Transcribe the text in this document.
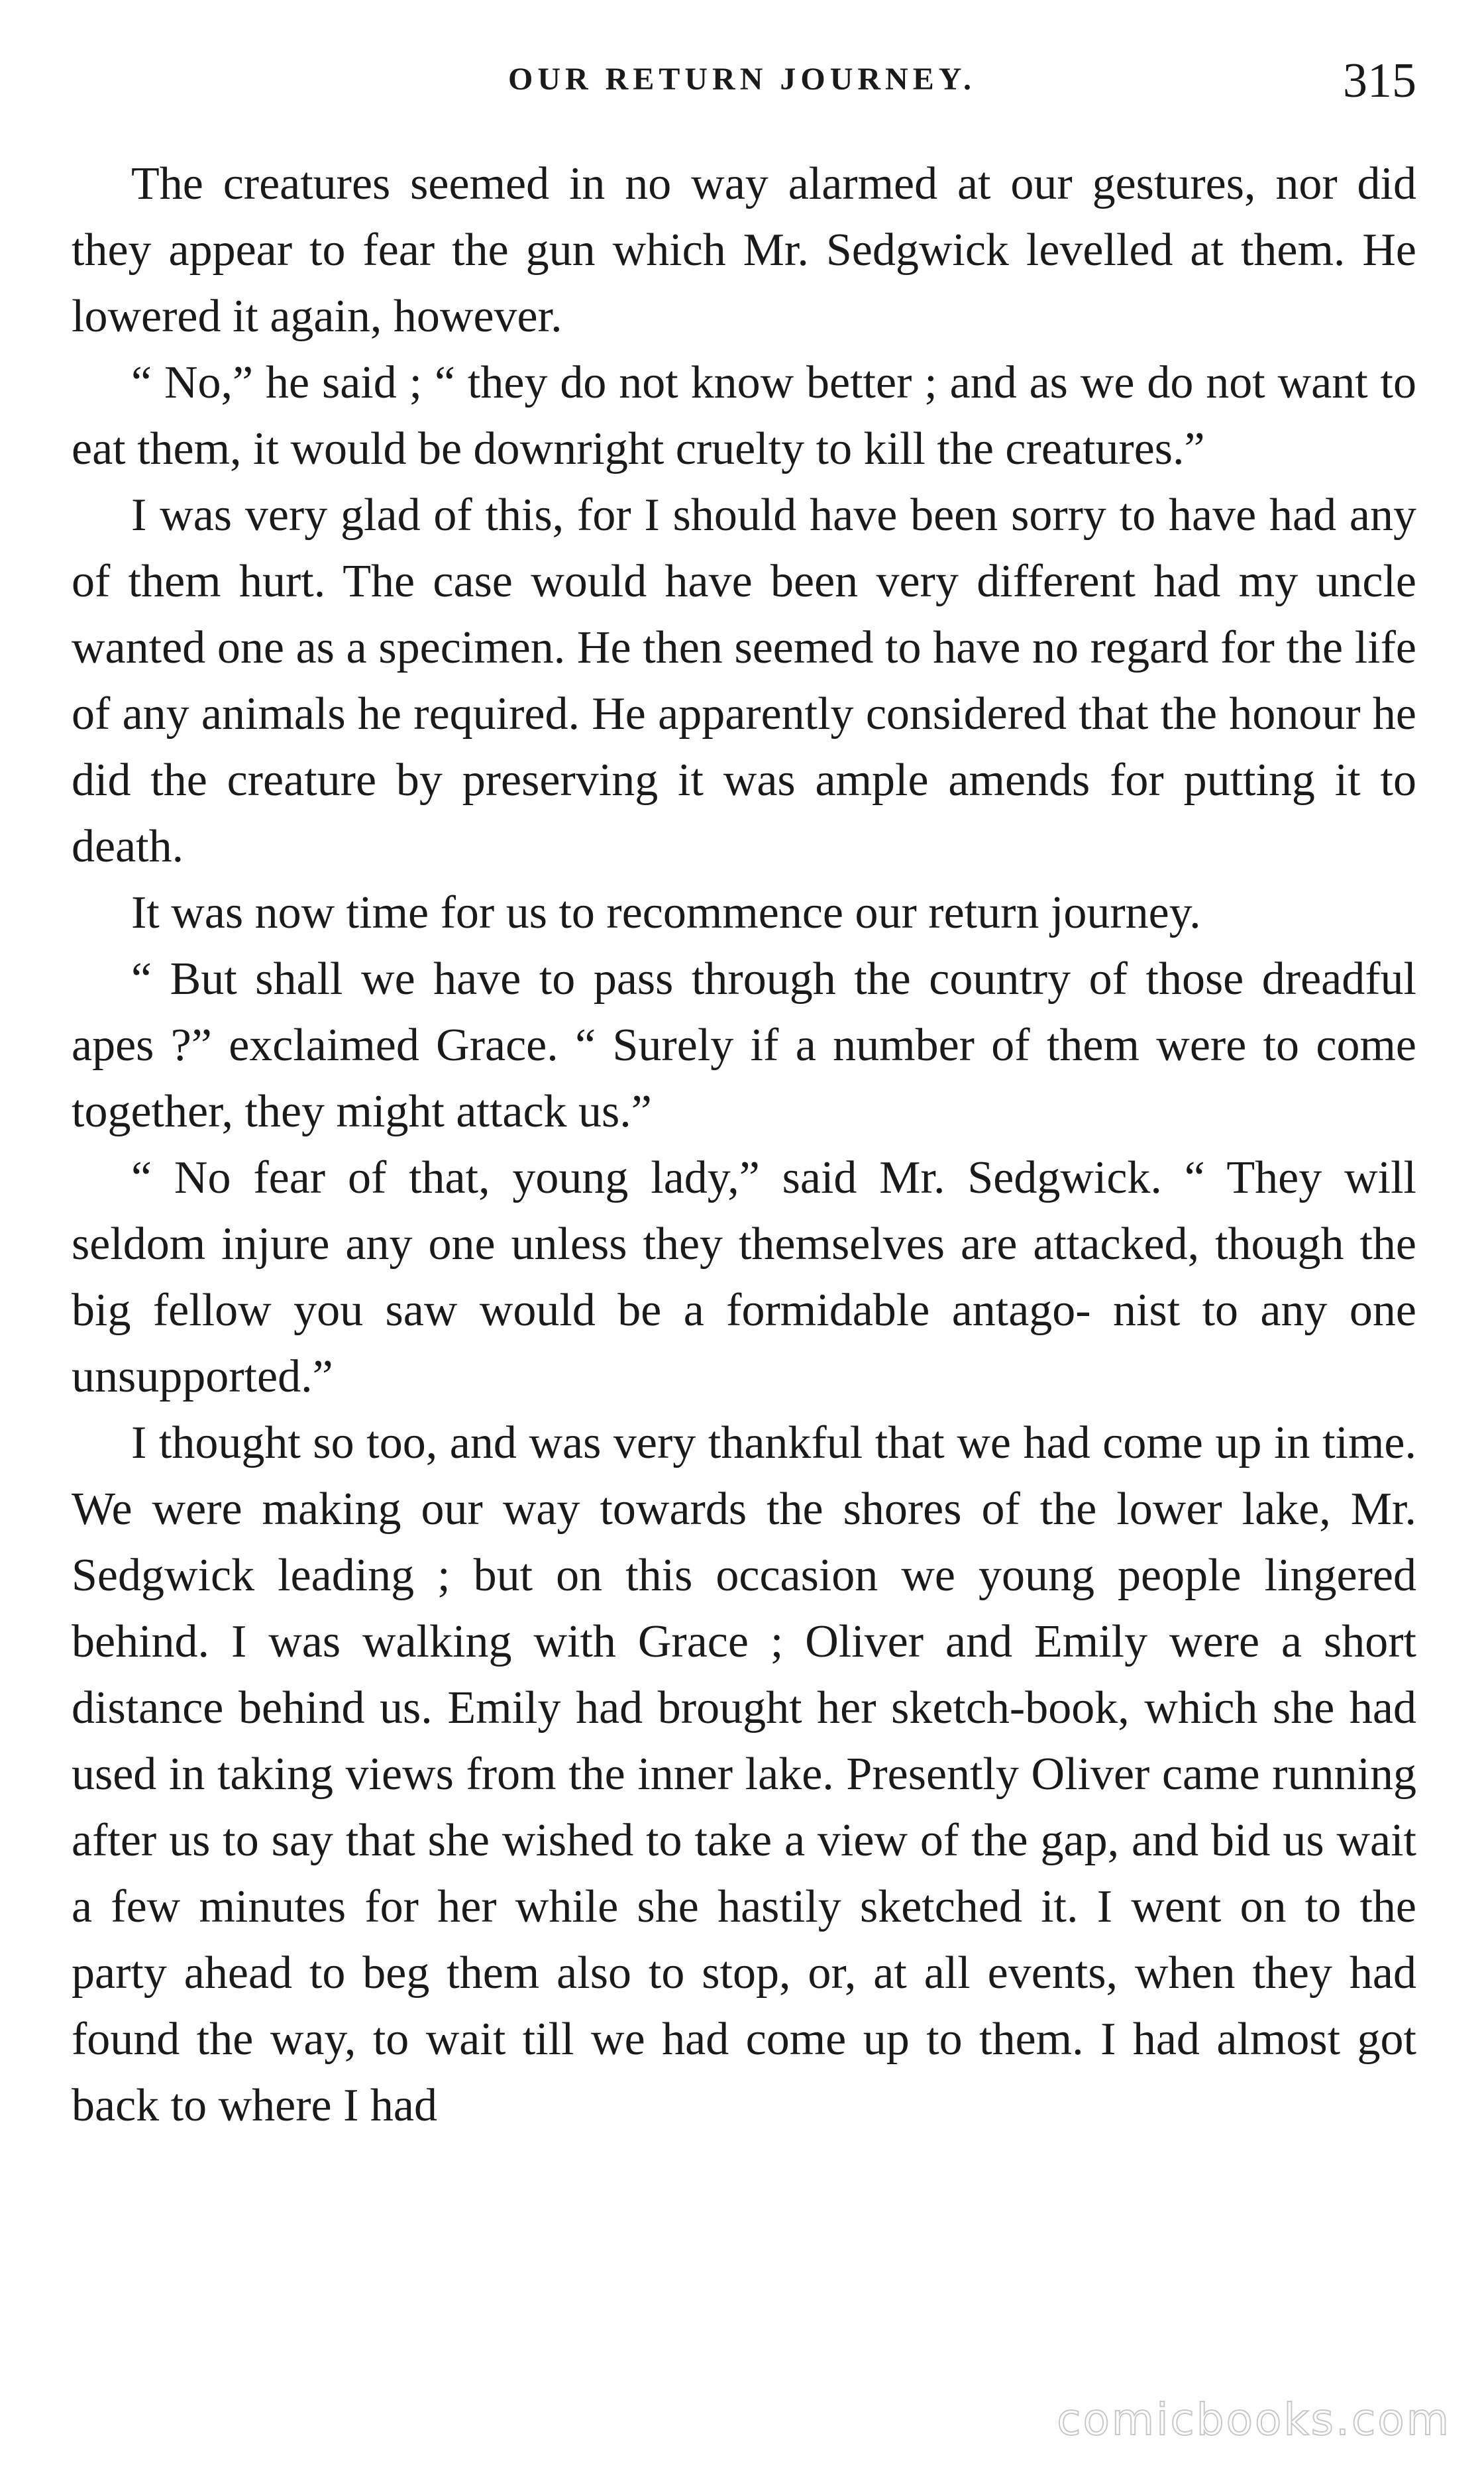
OUR RETURN JOURNEY.	315

The creatures seemed in no way alarmed at our gestures, nor did they appear to fear the gun which Mr. Sedgwick levelled at them. He lowered it again, however.

“ No,” he said ; “ they do not know better ; and as we do not want to eat them, it would be downright cruelty to kill the creatures.”

I was very glad of this, for I should have been sorry to have had any of them hurt. The case would have been very different had my uncle wanted one as a specimen. He then seemed to have no regard for the life of any animals he required. He apparently considered that the honour he did the creature by preserving it was ample amends for putting it to death.

It was now time for us to recommence our return journey.

“ But shall we have to pass through the country of those dreadful apes ?” exclaimed Grace. “ Surely if a number of them were to come together, they might attack us.”

“ No fear of that, young lady,” said Mr. Sedgwick. “ They will seldom injure any one unless they themselves are attacked, though the big fellow you saw would be a formidable antago- nist to any one unsupported.”

I thought so too, and was very thankful that we had come up in time. We were making our way towards the shores of the lower lake, Mr. Sedgwick leading ; but on this occasion we young people lingered behind. I was walking with Grace ; Oliver and Emily were a short distance behind us. Emily had brought her sketch-book, which she had used in taking views from the inner lake. Presently Oliver came running after us to say that she wished to take a view of the gap, and bid us wait a few minutes for her while she hastily sketched it. I went on to the party ahead to beg them also to stop, or, at all events, when they had found the way, to wait till we had come up to them. I had almost got back to where I had

comicbooks.com
